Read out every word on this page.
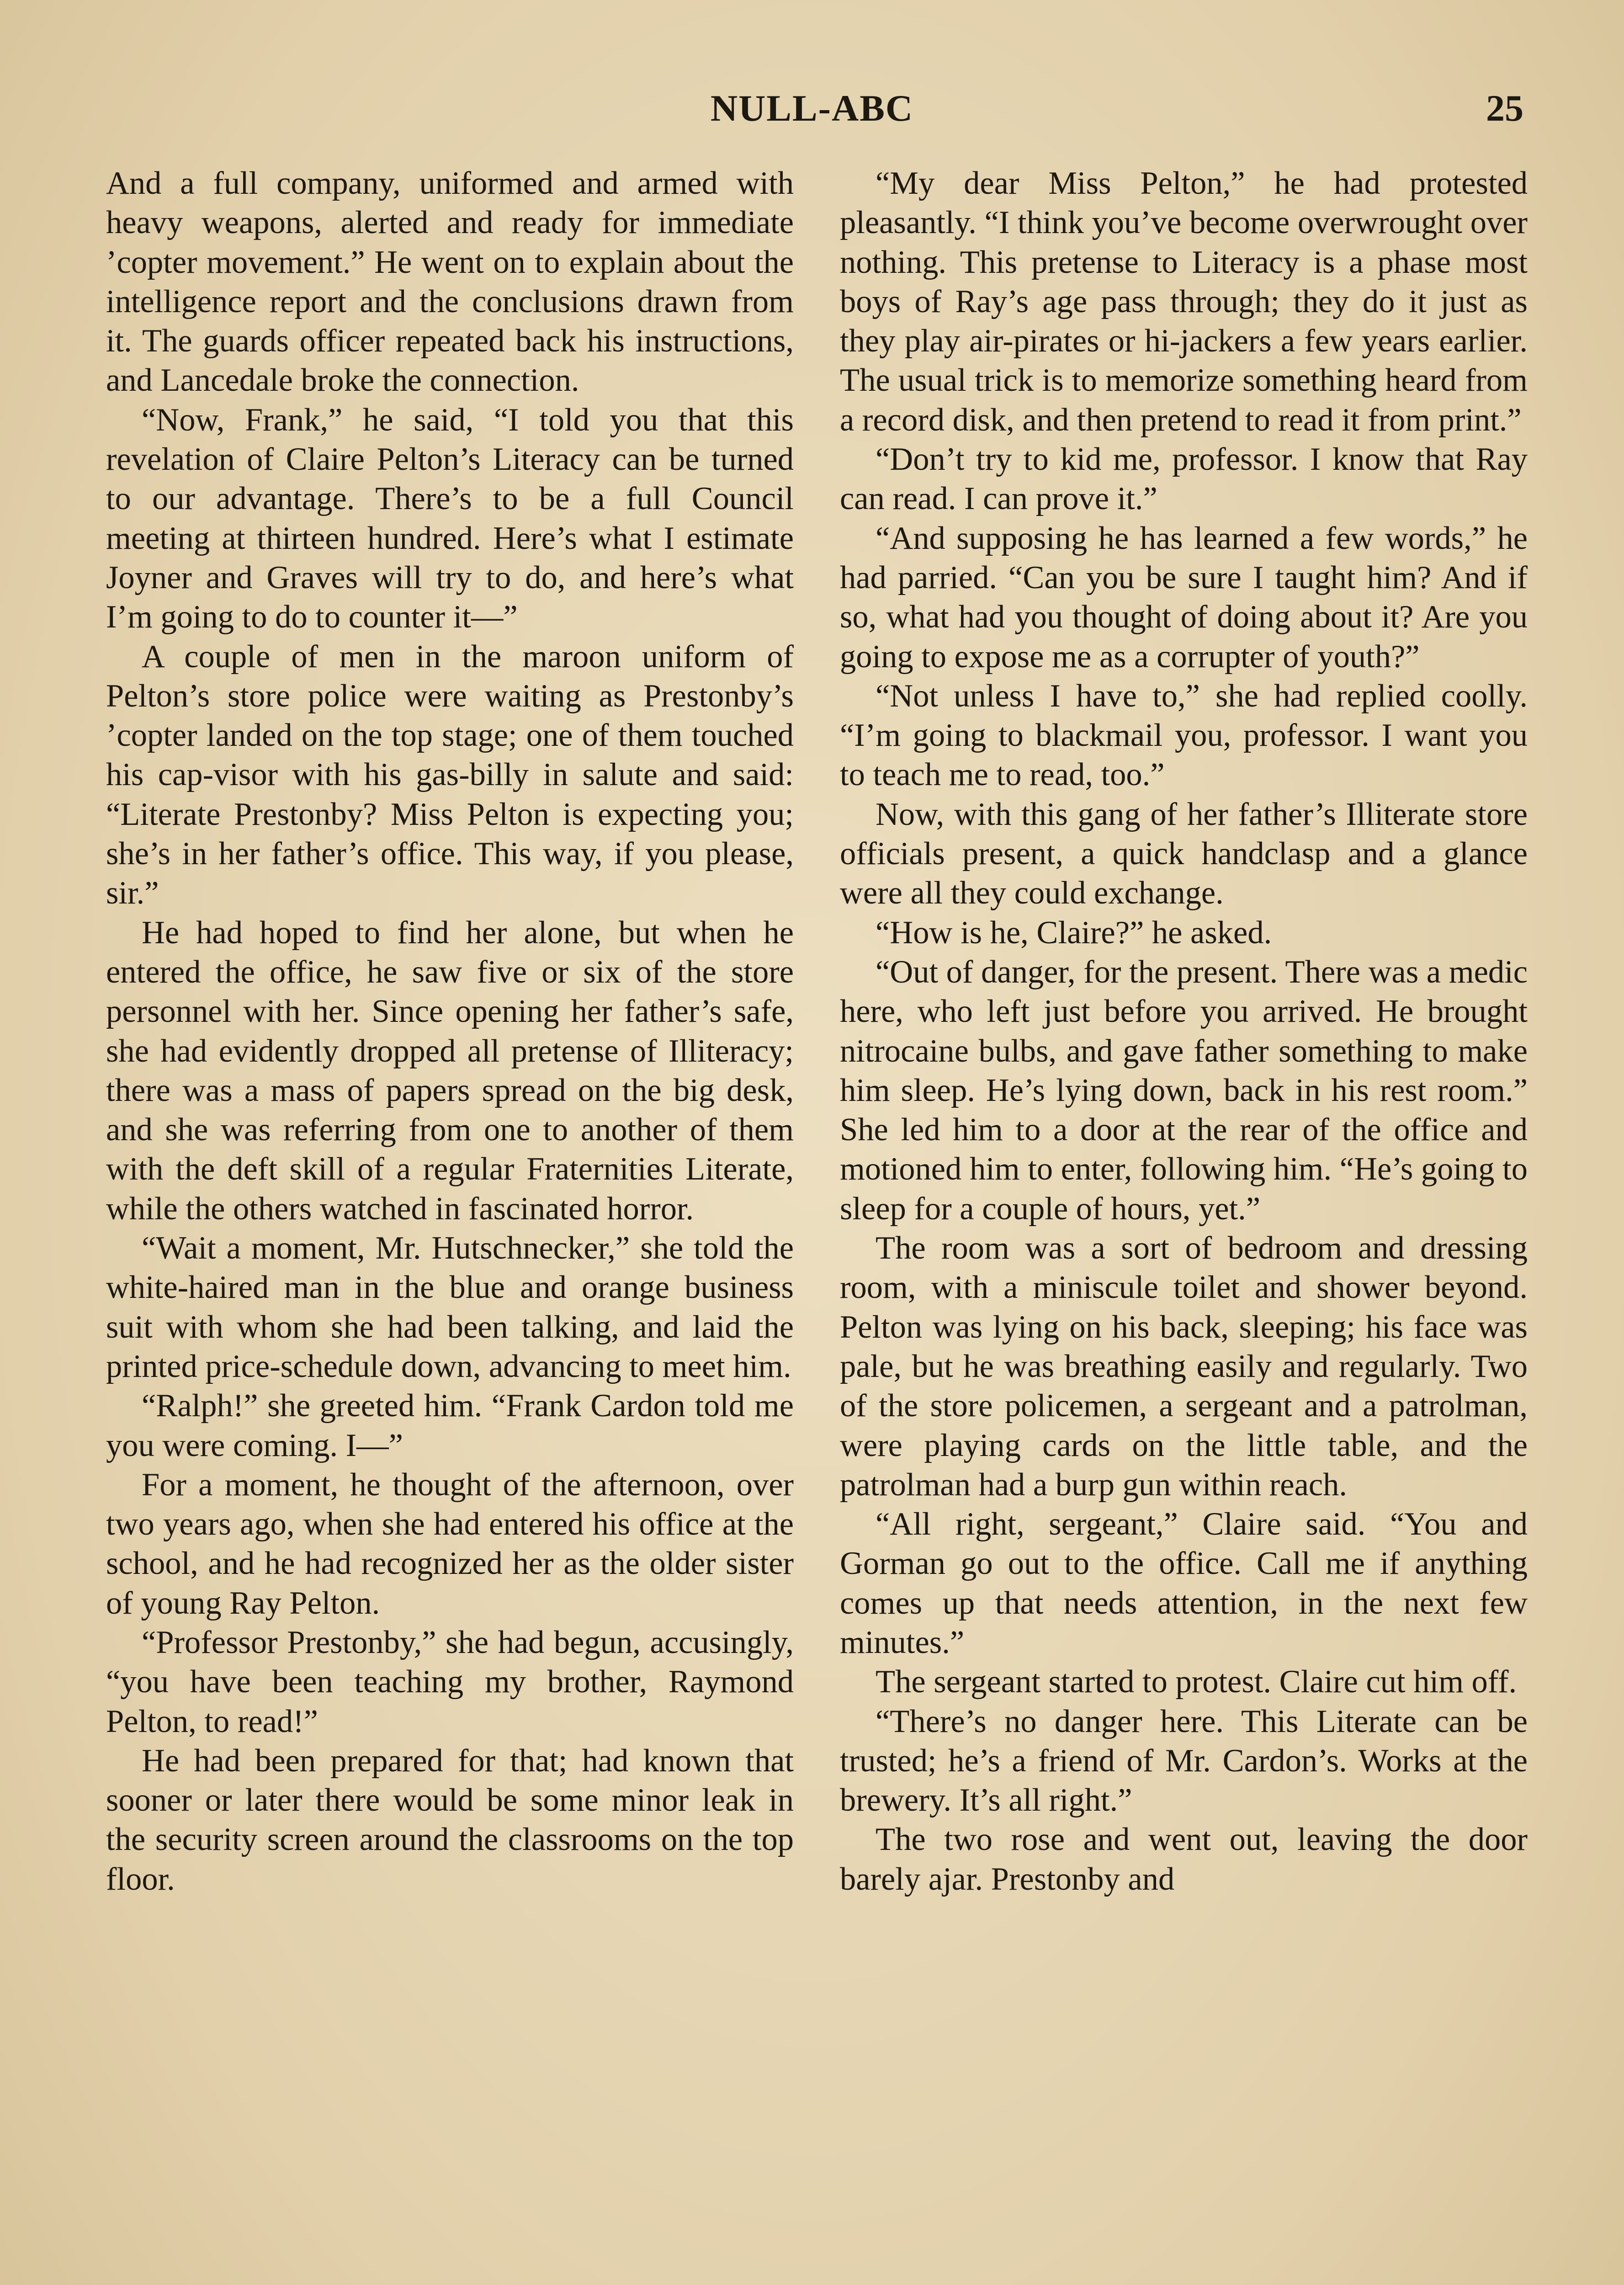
NULL-ABC	25

And a full company, uniformed and armed with heavy weapons, alerted and ready for immediate ’copter movement.” He went on to explain about the intelligence report and the conclusions drawn from it. The guards officer repeated back his instructions, and Lancedale broke the connection.

“Now, Frank,” he said, “I told you that this revelation of Claire Pelton’s Literacy can be turned to our advantage. There’s to be a full Council meeting at thirteen hundred. Here’s what I estimate Joyner and Graves will try to do, and here’s what I’m going to do to counter it—”

A couple of men in the maroon uniform of Pelton’s store police were waiting as Prestonby’s ’copter landed on the top stage; one of them touched his cap-visor with his gas-billy in salute and said: “Literate Prestonby? Miss Pelton is expecting you; she’s in her father’s office. This way, if you please, sir.”

He had hoped to find her alone, but when he entered the office, he saw five or six of the store personnel with her. Since opening her father’s safe, she had evidently dropped all pretense of Illiteracy; there was a mass of papers spread on the big desk, and she was referring from one to another of them with the deft skill of a regular Fraternities Literate, while the others watched in fascinated horror.

“Wait a moment, Mr. Hutschnecker,” she told the white-haired man in the blue and orange business suit with whom she had been talking, and laid the printed price-schedule down, advancing to meet him.

“Ralph!” she greeted him. “Frank Cardon told me you were coming. I—”

For a moment, he thought of the afternoon, over two years ago, when she had entered his office at the school, and he had recognized her as the older sister of young Ray Pelton.

“Professor Prestonby,” she had begun, accusingly, “you have been teaching my brother, Raymond Pelton, to read!”

He had been prepared for that; had known that sooner or later there would be some minor leak in the security screen around the classrooms on the top floor.

“My dear Miss Pelton,” he had protested pleasantly. “I think you’ve become overwrought over nothing. This pretense to Literacy is a phase most boys of Ray’s age pass through; they do it just as they play air-pirates or hi-jackers a few years earlier. The usual trick is to memorize something heard from a record disk, and then pretend to read it from print.”

“Don’t try to kid me, professor. I know that Ray can read. I can prove it.”

“And supposing he has learned a few words,” he had parried. “Can you be sure I taught him? And if so, what had you thought of doing about it? Are you going to expose me as a corrupter of youth?”

“Not unless I have to,” she had replied coolly. “I’m going to blackmail you, professor. I want you to teach me to read, too.”

Now, with this gang of her father’s Illiterate store officials present, a quick handclasp and a glance were all they could exchange.

“How is he, Claire?” he asked.

“Out of danger, for the present. There was a medic here, who left just before you arrived. He brought nitrocaine bulbs, and gave father something to make him sleep. He’s lying down, back in his rest room.” She led him to a door at the rear of the office and motioned him to enter, following him. “He’s going to sleep for a couple of hours, yet.”

The room was a sort of bedroom and dressing room, with a miniscule toilet and shower beyond. Pelton was lying on his back, sleeping; his face was pale, but he was breathing easily and regularly. Two of the store policemen, a sergeant and a patrolman, were playing cards on the little table, and the patrolman had a burp gun within reach.

“All right, sergeant,” Claire said. “You and Gorman go out to the office. Call me if anything comes up that needs attention, in the next few minutes.”

The sergeant started to protest. Claire cut him off.

“There’s no danger here. This Literate can be trusted; he’s a friend of Mr. Cardon’s. Works at the brewery. It’s all right.”

The two rose and went out, leaving the door barely ajar. Prestonby and
